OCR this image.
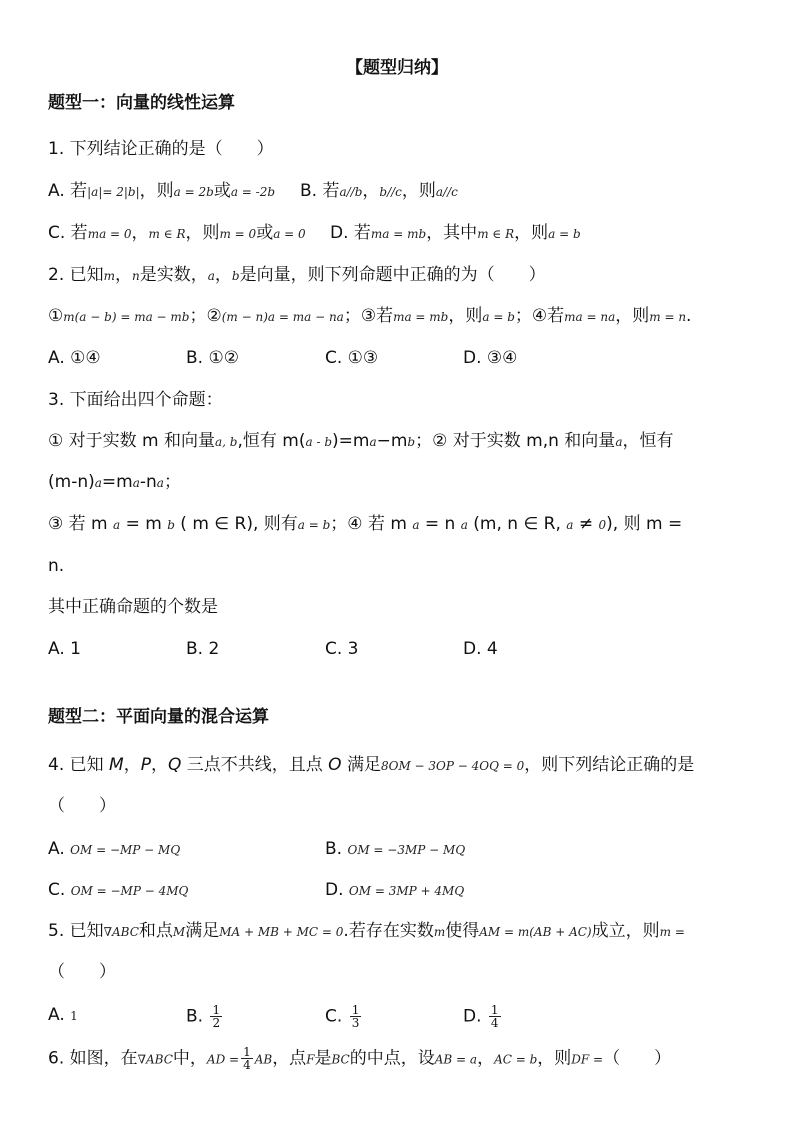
【题型归纳】
题型一：向量的线性运算
1. 下列结论正确的是（　　）
A. 若|a|= 2|b|，则a = 2b或a = -2b B. 若a//b，b//c，则a//c
C. 若ma = 0，m ∈ R，则m = 0或a = 0 D. 若ma = mb，其中m ∈ R，则a = b
2. 已知m，n是实数，a，b是向量，则下列命题中正确的为（　　）
①m(a − b) = ma − mb；②(m − n)a = ma − na；③若ma = mb，则a = b；④若ma = na，则m = n.
A. ①④	B. ①②	C. ①③	D. ③④
3. 下面给出四个命题：
① 对于实数 m 和向量a, b,恒有 m(a - b)=ma−mb；② 对于实数 m,n 和向量a，恒有
(m-n)a=ma-na；
③ 若 m a = m b ( m ∈ R), 则有a = b；④ 若 m a = n a (m, n ∈ R, a ≠ 0), 则 m =
n.
其中正确命题的个数是
A. 1	B. 2	C. 3	D. 4
题型二：平面向量的混合运算
4. 已知 M，P，Q 三点不共线，且点 O 满足8OM − 3OP − 4OQ = 0，则下列结论正确的是
（　　）
A. OM = −MP − MQ	B. OM = −3MP − MQ
C. OM = −MP − 4MQ	D. OM = 3MP + 4MQ
5. 已知∇ABC和点M满足MA + MB + MC = 0.若存在实数m使得AM = m(AB + AC)成立，则m =
（　　）
A. 1	B. $\frac{1}{2}$	C. $\frac{1}{3}$	D. $\frac{1}{4}$
6. 如图，在∇ABC中，AD = $\frac{1}{4}$ AB，点F是BC的中点，设AB = a，AC = b，则DF =（　　）
